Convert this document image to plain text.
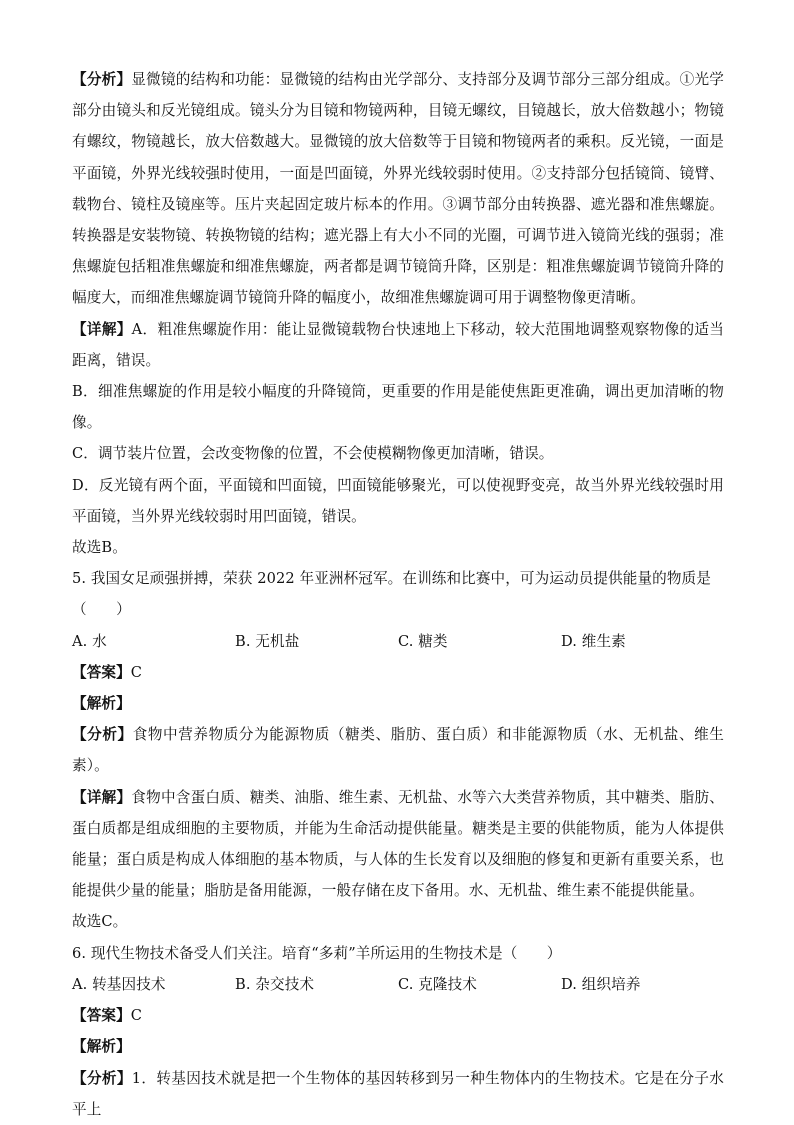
【分析】显微镜的结构和功能：显微镜的结构由光学部分、支持部分及调节部分三部分组成。①光学部分由镜头和反光镜组成。镜头分为目镜和物镜两种，目镜无螺纹，目镜越长，放大倍数越小；物镜有螺纹，物镜越长，放大倍数越大。显微镜的放大倍数等于目镜和物镜两者的乘积。反光镜，一面是平面镜，外界光线较强时使用，一面是凹面镜，外界光线较弱时使用。②支持部分包括镜筒、镜臂、载物台、镜柱及镜座等。压片夹起固定玻片标本的作用。③调节部分由转换器、遮光器和准焦螺旋。转换器是安装物镜、转换物镜的结构；遮光器上有大小不同的光圈，可调节进入镜筒光线的强弱；准焦螺旋包括粗准焦螺旋和细准焦螺旋，两者都是调节镜筒升降，区别是：粗准焦螺旋调节镜筒升降的幅度大，而细准焦螺旋调节镜筒升降的幅度小，故细准焦螺旋调可用于调整物像更清晰。

【详解】A．粗准焦螺旋作用：能让显微镜载物台快速地上下移动，较大范围地调整观察物像的适当距离，错误。

B．细准焦螺旋的作用是较小幅度的升降镜筒，更重要的作用是能使焦距更准确，调出更加清晰的物像。

C．调节装片位置，会改变物像的位置，不会使模糊物像更加清晰，错误。

D．反光镜有两个面，平面镜和凹面镜，凹面镜能够聚光，可以使视野变亮，故当外界光线较强时用平面镜，当外界光线较弱时用凹面镜，错误。

故选B。

5. 我国女足顽强拼搏，荣获 2022 年亚洲杯冠军。在训练和比赛中，可为运动员提供能量的物质是

（　　）

A. 水	B. 无机盐	C. 糖类	D. 维生素

【答案】C

【解析】

【分析】食物中营养物质分为能源物质（糖类、脂肪、蛋白质）和非能源物质（水、无机盐、维生素）。

【详解】食物中含蛋白质、糖类、油脂、维生素、无机盐、水等六大类营养物质，其中糖类、脂肪、蛋白质都是组成细胞的主要物质，并能为生命活动提供能量。糖类是主要的供能物质，能为人体提供能量；蛋白质是构成人体细胞的基本物质，与人体的生长发育以及细胞的修复和更新有重要关系，也能提供少量的能量；脂肪是备用能源，一般存储在皮下备用。水、无机盐、维生素不能提供能量。

故选C。

6. 现代生物技术备受人们关注。培育“多莉”羊所运用的生物技术是（　　）

A. 转基因技术	B. 杂交技术	C. 克隆技术	D. 组织培养

【答案】C

【解析】

【分析】1．转基因技术就是把一个生物体的基因转移到另一种生物体内的生物技术。它是在分子水平上
